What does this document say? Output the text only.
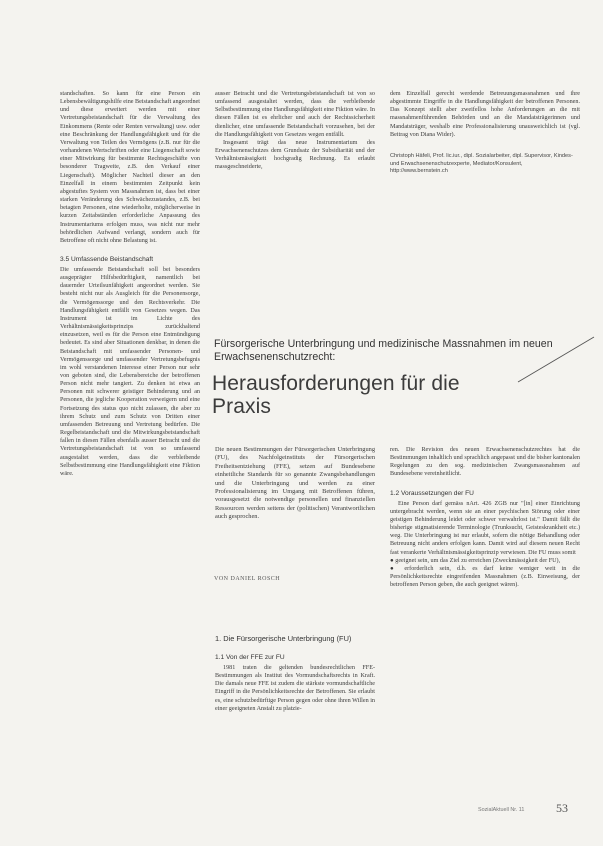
standschaften. So kann für eine Person ein Lebensbewältigungshilfe eine Beistandschaft angeordnet und diese erweitert werden mit einer Vertretungsbeistandschaft für die Verwaltung des Einkommens (Rente oder Renten verwaltung) usw. oder eine Beschränkung der Handlungsfähigkeit und für die Verwaltung von Teilen des Vermögens (z.B. nur für die vorhandenen Wertschriften oder eine Liegenschaft sowie einer Mitwirkung für bestimmte Rechtsgeschäfte von besonderer Tragweite, z.B. den Verkauf einer Liegenschaft). Möglicher Nachteil dieser an den Einzelfall in einem bestimmten Zeitpunkt kein abgestuftes System von Massnahmen ist, dass bei einer starken Veränderung des Schwächezustandes, z.B. bei betagten Personen, eine wiederholte, möglicherweise in kurzen Zeitabständen erforderliche Anpassung des Instrumentariums erfolgen muss, was nicht nur mehr behördlichen Aufwand verlangt, sondern auch für Betroffene oft nicht ohne Belastung ist.

3.5 Umfassende Beistandschaft

Die umfassende Beistandschaft soll bei besonders ausgeprägter Hilfsbedürftigkeit, namentlich bei dauernder Urteilsunfähigkeit angeordnet werden. Sie besteht nicht nur als Ausgleich für die Personensorge, die Vermögenssorge und den Rechtsverkehr. Die Handlungsfähigkeit entfällt von Gesetzes wegen. Das Instrument ist im Lichte des Verhältnismässigkeitsprinzips zurückhaltend einzusetzen, weil es für die Person eine Entmündigung bedeutet. Es sind aber Situationen denkbar, in denen die Beistandschaft mit umfassender Personen- und Vermögenssorge und umfassender Vertretungsbefugnis im wohl verstandenen Interesse einer Person nur sehr von geboten sind, die Lebensbereiche der betroffenen Person nicht mehr tangiert. Zu denken ist etwa an Personen mit schwerer geistiger Behinderung und an Personen, die jegliche Kooperation verweigern und eine Fortsetzung des status quo nicht zulassen, die aber zu ihrem Schutz und zum Schutz von Dritten einer umfassenden Betreuung und Vertretung bedürfen. Die Regelbeistandschaft und die Mitwirkungsbeistandschaft fallen in diesen Fällen ebenfalls ausser Betracht und die Vertretungsbeistandschaft ist von so umfassend ausgestaltet werden, dass die verbleibende Selbstbestimmung eine Handlungsfähigkeit eine Fiktion wäre.

ausser Betracht und die Vertretungsbeistandschaft ist von so umfassend ausgestaltet werden, dass die verbleibende Selbstbestimmung eine Handlungsfähigkeit eine Fiktion wäre. In diesen Fällen ist es ehrlicher und auch der Rechtssicherheit dienlicher, eine umfassende Beistandschaft vorzusehen, bei der die Handlungsfähigkeit von Gesetzes wegen entfällt.

Insgesamt trägt das neue Instrumentarium des Erwachsenenschutzes dem Grundsatz der Subsidiarität und der Verhältnismässigkeit hochgradig Rechnung. Es erlaubt massgeschneiderte,

dem Einzelfall gerecht werdende Betreuungsmassnahmen und ihre abgestimmte Eingriffe in die Handlungsfähigkeit der betroffenen Personen. Das Konzept stellt aber zweifellos hohe Anforderungen an die mit massnahmenführenden Behörden und an die Mandatsträgerinnen und Mandatsträger, weshalb eine Professionalisierung unausweichlich ist (vgl. Beitrag von Diana Wider).

Christoph Häfeli, Prof. lic.iur., dipl. Sozialarbeiter, dipl. Supervisor, Kindes- und Erwachsenenschutzexperte, Mediator/Konsulent, http://www.bernstein.ch

Fürsorgerische Unterbringung und medizinische Massnahmen im neuen Erwachsenenschutzrecht:

Herausforderungen für die Praxis

Die neuen Bestimmungen der Fürsorgerischen Unterbringung (FU), des Nachfolgeinstituts der Fürsorgerischen Freiheitsentziehung (FFE), setzen auf Bundesebene einheitliche Standards für so genannte Zwangsbehandlungen und die Unterbringung und werden zu einer Professionalisierung im Umgang mit Betroffenen führen, vorausgesetzt die notwendige personellen und finanziellen Ressourcen werden seitens der (politischen) Verantwortlichen auch gesprochen.

VON DANIEL ROSCH

1. Die Fürsorgerische Unterbringung (FU)

1.1 Von der FFE zur FU

1981 traten die geltenden bundesrechtlichen FFE-Bestimmungen als Institut des Vormundschaftsrechts in Kraft. Die damals neue FFE ist zudem die stärkste vormundschaftliche Eingriff in die Persönlichkeitsrechte der Betroffenen. Sie erlaubt es, eine schutzbedürftige Person gegen oder ohne ihren Willen in einer geeigneten Anstalt zu platzie-

ren. Die Revision des neuen Erwachsenenschutzrechtes hat die Bestimmungen inhaltlich und sprachlich angepasst und die bisher kantonalen Regelungen zu den sog. medizinischen Zwangsmassnahmen auf Bundesebene vereinheitlicht.

1.2 Voraussetzungen der FU

Eine Person darf gemäss nArt. 426 ZGB nur "[in] einer Einrichtung untergebracht werden, wenn sie an einer psychischen Störung oder einer geistigen Behinderung leidet oder schwer verwahrlost ist." Damit fällt die bisherige stigmatisierende Terminologie (Trunksucht, Geisteskrankheit etc.) weg. Die Unterbringung ist nur erlaubt, sofern die nötige Behandlung oder Betreuung nicht anders erfolgen kann. Damit wird auf diesem neuen Recht fast verankerte Verhältnismässigkeitsprinzip verwiesen. Die FU muss somit

● geeignet sein, um das Ziel zu erreichen (Zweckmässigkeit der FU),

● erforderlich sein, d.h. es darf keine weniger weit in die Persönlichkeitsrechte eingreifenden Massnahmen (z.B. Einweisung, der betroffenen Person geben, die auch geeignet wären).

SozialAktuell Nr. 11	53
